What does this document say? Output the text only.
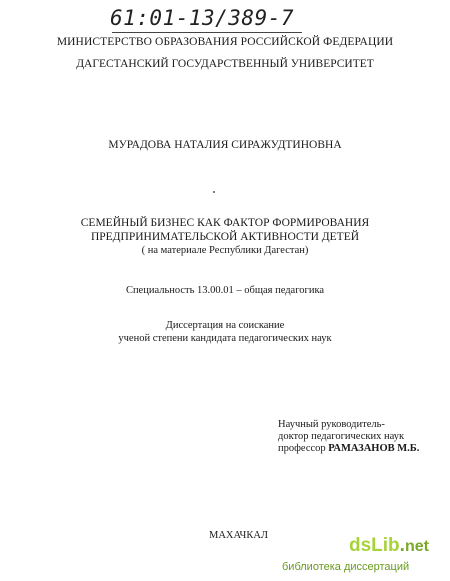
61:01-13/389-7
МИНИСТЕРСТВО ОБРАЗОВАНИЯ РОССИЙСКОЙ ФЕДЕРАЦИИ
ДАГЕСТАНСКИЙ ГОСУДАРСТВЕННЫЙ УНИВЕРСИТЕТ
МУРАДОВА НАТАЛИЯ СИРАЖУДТИНОВНА
СЕМЕЙНЫЙ БИЗНЕС КАК ФАКТОР ФОРМИРОВАНИЯ
ПРЕДПРИНИМАТЕЛЬСКОЙ АКТИВНОСТИ ДЕТЕЙ
( на материале Республики Дагестан)
Специальность 13.00.01 – общая педагогика
Диссертация на соискание
ученой степени кандидата педагогических наук
Научный руководитель-
доктор педагогических наук
профессор РАМАЗАНОВ М.Б.
МАХАЧКАЛ	dsLib.net
библиотека диссертаций
